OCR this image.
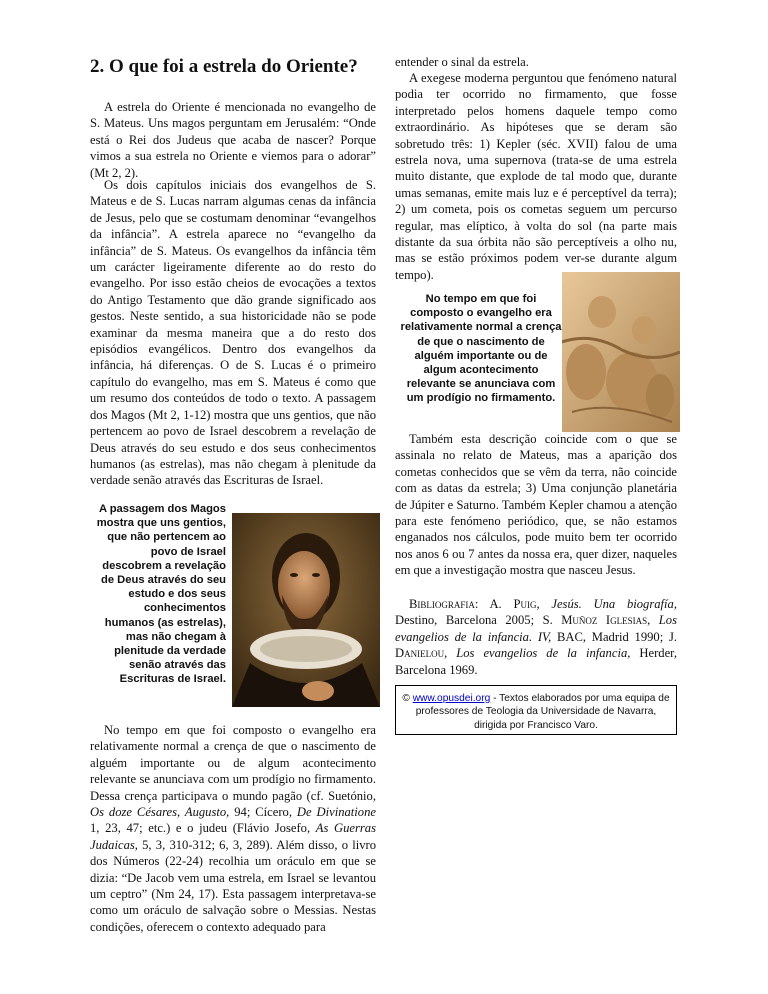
2. O que foi a estrela do Oriente?

A estrela do Oriente é mencionada no evangelho de S. Mateus. Uns magos perguntam em Jerusalém: “Onde está o Rei dos Judeus que acaba de nascer? Porque vimos a sua estrela no Oriente e viemos para o adorar” (Mt 2, 2).

Os dois capítulos iniciais dos evangelhos de S. Mateus e de S. Lucas narram algumas cenas da infância de Jesus, pelo que se costumam denominar “evangelhos da infância”. A estrela aparece no “evangelho da infância” de S. Mateus. Os evangelhos da infância têm um carácter ligeiramente diferente ao do resto do evangelho. Por isso estão cheios de evocações a textos do Antigo Testamento que dão grande significado aos gestos. Neste sentido, a sua historicidade não se pode examinar da mesma maneira que a do resto dos episódios evangélicos. Dentro dos evangelhos da infância, há diferenças. O de S. Lucas é o primeiro capítulo do evangelho, mas em S. Mateus é como que um resumo dos conteúdos de todo o texto. A passagem dos Magos (Mt 2, 1-12) mostra que uns gentios, que não pertencem ao povo de Israel descobrem a revelação de Deus através do seu estudo e dos seus conhecimentos humanos (as estrelas), mas não chegam à plenitude da verdade senão através das Escrituras de Israel.

A passagem dos Magos mostra que uns gentios, que não pertencem ao povo de Israel descobrem a revelação de Deus através do seu estudo e dos seus conhecimentos humanos (as estrelas), mas não chegam à plenitude da verdade senão através das Escrituras de Israel.

No tempo em que foi composto o evangelho era relativamente normal a crença de que o nascimento de alguém importante ou de algum acontecimento relevante se anunciava com um prodígio no firmamento. Dessa crença participava o mundo pagão (cf. Suetónio, Os doze Césares, Augusto, 94; Cícero, De Divinatione 1, 23, 47; etc.) e o judeu (Flávio Josefo, As Guerras Judaicas, 5, 3, 310-312; 6, 3, 289). Além disso, o livro dos Números (22-24) recolhia um oráculo em que se dizia: “De Jacob vem uma estrela, em Israel se levantou um ceptro” (Nm 24, 17). Esta passagem interpretava-se como um oráculo de salvação sobre o Messias. Nestas condições, oferecem o contexto adequado para

entender o sinal da estrela.

A exegese moderna perguntou que fenómeno natural podia ter ocorrido no firmamento, que fosse interpretado pelos homens daquele tempo como extraordinário. As hipóteses que se deram são sobretudo três: 1) Kepler (séc. XVII) falou de uma estrela nova, uma supernova (trata-se de uma estrela muito distante, que explode de tal modo que, durante umas semanas, emite mais luz e é perceptível da terra); 2) um cometa, pois os cometas seguem um percurso regular, mas elíptico, à volta do sol (na parte mais distante da sua órbita não são perceptíveis a olho nu, mas se estão próximos podem ver-se durante algum tempo).

No tempo em que foi composto o evangelho era relativamente normal a crença de que o nascimento de alguém importante ou de algum acontecimento relevante se anunciava com um prodígio no firmamento.

Também esta descrição coincide com o que se assinala no relato de Mateus, mas a aparição dos cometas conhecidos que se vêm da terra, não coincide com as datas da estrela; 3) Uma conjunção planetária de Júpiter e Saturno. Também Kepler chamou a atenção para este fenómeno periódico, que, se não estamos enganados nos cálculos, pode muito bem ter ocorrido nos anos 6 ou 7 antes da nossa era, quer dizer, naqueles em que a investigação mostra que nasceu Jesus.

Bibliografia: A. Puig, Jesús. Una biografía, Destino, Barcelona 2005; S. Muñoz Iglesias, Los evangelios de la infancia. IV, BAC, Madrid 1990; J. Danielou, Los evangelios de la infancia, Herder, Barcelona 1969.

© www.opusdei.org - Textos elaborados por uma equipa de professores de Teologia da Universidade de Navarra, dirigida por Francisco Varo.
